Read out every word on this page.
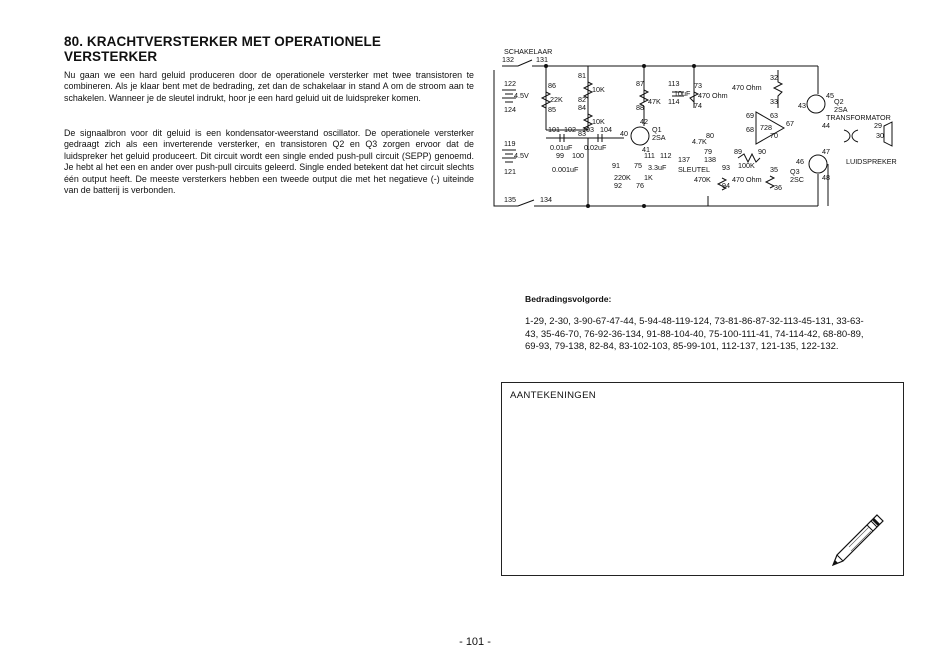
80. KRACHTVERSTERKER MET OPERATIONELE VERSTERKER

Nu gaan we een hard geluid produceren door de operationele versterker met twee transistoren te combineren. Als je klaar bent met de bedrading, zet dan de schakelaar in stand A om de stroom aan te schakelen. Wanneer je de sleutel indrukt, hoor je een hard geluid uit de luidspreker komen.

De signaalbron voor dit geluid is een kondensator-weerstand oscillator. De operationele versterker gedraagt zich als een inverterende versterker, en transistoren Q2 en Q3 zorgen ervoor dat de luidspreker het geluid produceert. Dit circuit wordt een single ended push-pull circuit (SEPP) genoemd. Je hebt al het een en ander over push-pull circuits geleerd. Single ended betekent dat het circuit slechts één output heeft. De meeste versterkers hebben een tweede output die met het negatieve (-) uiteinde van de batterij is verbonden.

SCHAKELAAR
132	131
122
4.5V
124
119
4.5V
121
135	134
86
22K
85
81
10K
82
84
10K
83
101 102 103 104
0.01uF 0.02uF
99 100
0.001uF
87
47K
88
40
113
114
10uF
73
470 Ohm
74
42
Q1
2SA
41
91 75
111 112 137 138
79
80
3.3uF SLEUTEL
4.7K
220K 1K
92 76
470 Ohm
32
33
69
68 728
63
70
67
43
45
Q2
2SA
TRANSFORMATOR
44	29
30
LUIDSPREKER
89 90
93 100K	46
47
35 Q3
2SC	48
470K
94
470 Ohm
36
Bedradingsvolgorde:

1-29, 2-30, 3-90-67-47-44, 5-94-48-119-124, 73-81-86-87-32-113-45-131, 33-63-43, 35-46-70, 76-92-36-134, 91-88-104-40, 75-100-111-41, 74-114-42, 68-80-89, 69-93, 79-138, 82-84, 83-102-103, 85-99-101, 112-137, 121-135, 122-132.

AANTEKENINGEN
- 101 -
